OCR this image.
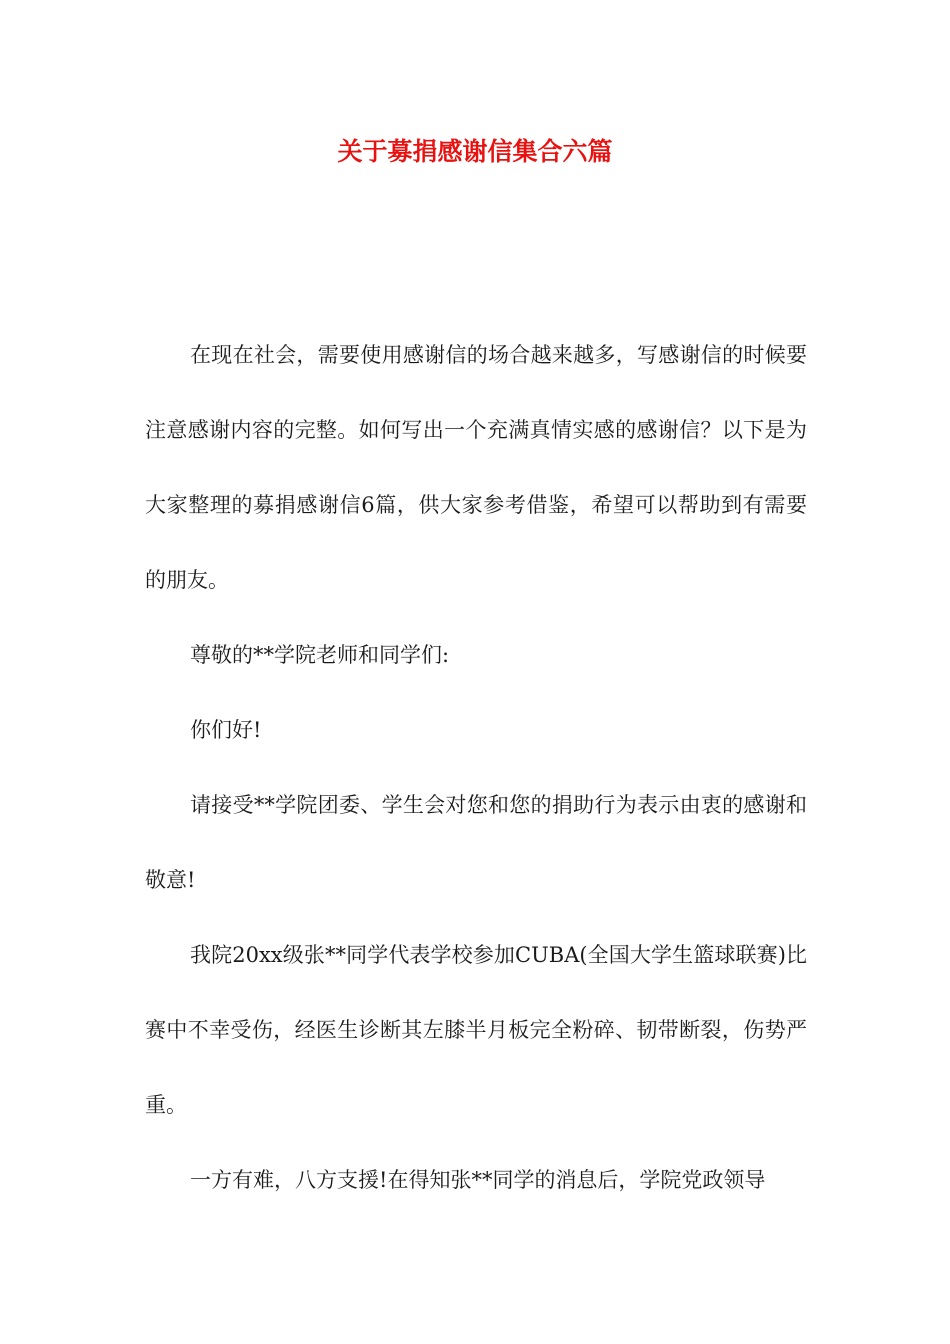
关于募捐感谢信集合六篇

在现在社会，需要使用感谢信的场合越来越多，写感谢信的时候要注意感谢内容的完整。如何写出一个充满真情实感的感谢信？以下是为大家整理的募捐感谢信6篇，供大家参考借鉴，希望可以帮助到有需要的朋友。

尊敬的**学院老师和同学们:

你们好!

请接受**学院团委、学生会对您和您的捐助行为表示由衷的感谢和敬意!

我院20xx级张**同学代表学校参加CUBA(全国大学生篮球联赛)比赛中不幸受伤，经医生诊断其左膝半月板完全粉碎、韧带断裂，伤势严重。

一方有难，八方支援!在得知张**同学的消息后，学院党政领导
